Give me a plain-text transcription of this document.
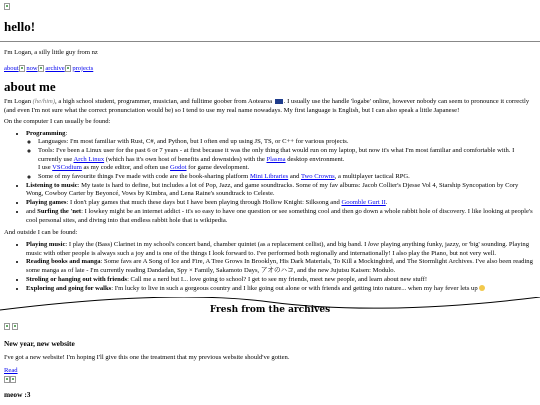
hello!
I'm Logan, a silly little guy from nz
about now archive projects
about me

I'm Logan (he/him), a high school student, programmer, musician, and fulltime goober from Aotearoa . I usually use the handle 'logabe' online, however nobody can seem to pronounce it correctly (and even I'm not sure what the correct pronunciation would be) so I tend to use my real name nowadays. My first language is English, but I can also speak a little Japanese!

On the computer I can usually be found:

• Programming:
◦ Languages: I'm most familiar with Rust, C#, and Python, but I often end up using JS, TS, or C++ for various projects.
◦ Tools: I've been a Linux user for the past 6 or 7 years - at first because it was the only thing that would run on my laptop, but now it's what I'm most familiar and comfortable with. I currently use Arch Linux (which has it's own host of benefits and downsides) with the Plasma desktop environment.
I use VSCodium as my code editor, and often use Godot for game development.
◦ Some of my favourite things I've made with code are the book-sharing platform Mini Libraries and Two Crowns, a multiplayer tactical RPG.
• Listening to music: My taste is hard to define, but includes a lot of Pop, Jazz, and game soundtracks. Some of my fav albums: Jacob Collier's Djesse Vol 4, Starship Syncopation by Cory Wong, Cowboy Carter by Beyoncé, Vows by Kimbra, and Lena Raine's soundtrack to Celeste.
• Playing games: I don't play games that much these days but I have been playing through Hollow Knight: Silksong and Goomble Gurt II.
• and Surfing the 'net: I lowkey might be an internet addict - it's so easy to have one question or see something cool and then go down a whole rabbit hole of discovery. I like looking at people's cool personal sites, and diving into that endless rabbit hole that is wikipedia.

And outside I can be found:

• Playing music: I play the (Bass) Clarinet in my school's concert band, chamber quintet (as a replacement cellist), and big band. I love playing anything funky, jazzy, or 'big' sounding. Playing music with other people is always such a joy and is one of the things I look forward to. I've performed both regionally and internationally! I also play the Piano, but not very well.
• Reading books and manga: Some favs are A Song of Ice and Fire, A Tree Grows In Brooklyn, His Dark Materials, To Kill a Mockingbird, and The Stormlight Archives. I've also been reading some manga as of late - I'm currently reading Dandadan, Spy × Family, Sakamoto Days, アオのハコ, and the new Jujutsu Kaisen: Modulo.
• Stroling or hanging out with friends: Call me a nerd but I... love going to school? I get to see my friends, meet new people, and learn about new stuff!
• Exploring and going for walks: I'm lucky to live in such a gorgeous country and I like going out alone or with friends and getting into nature... when my hay fever lets up
Fresh from the archives
New year, new website

I've got a new website! I'm hoping I'll give this one the treatment that my previous website should've gotten.

Read
meow :3
